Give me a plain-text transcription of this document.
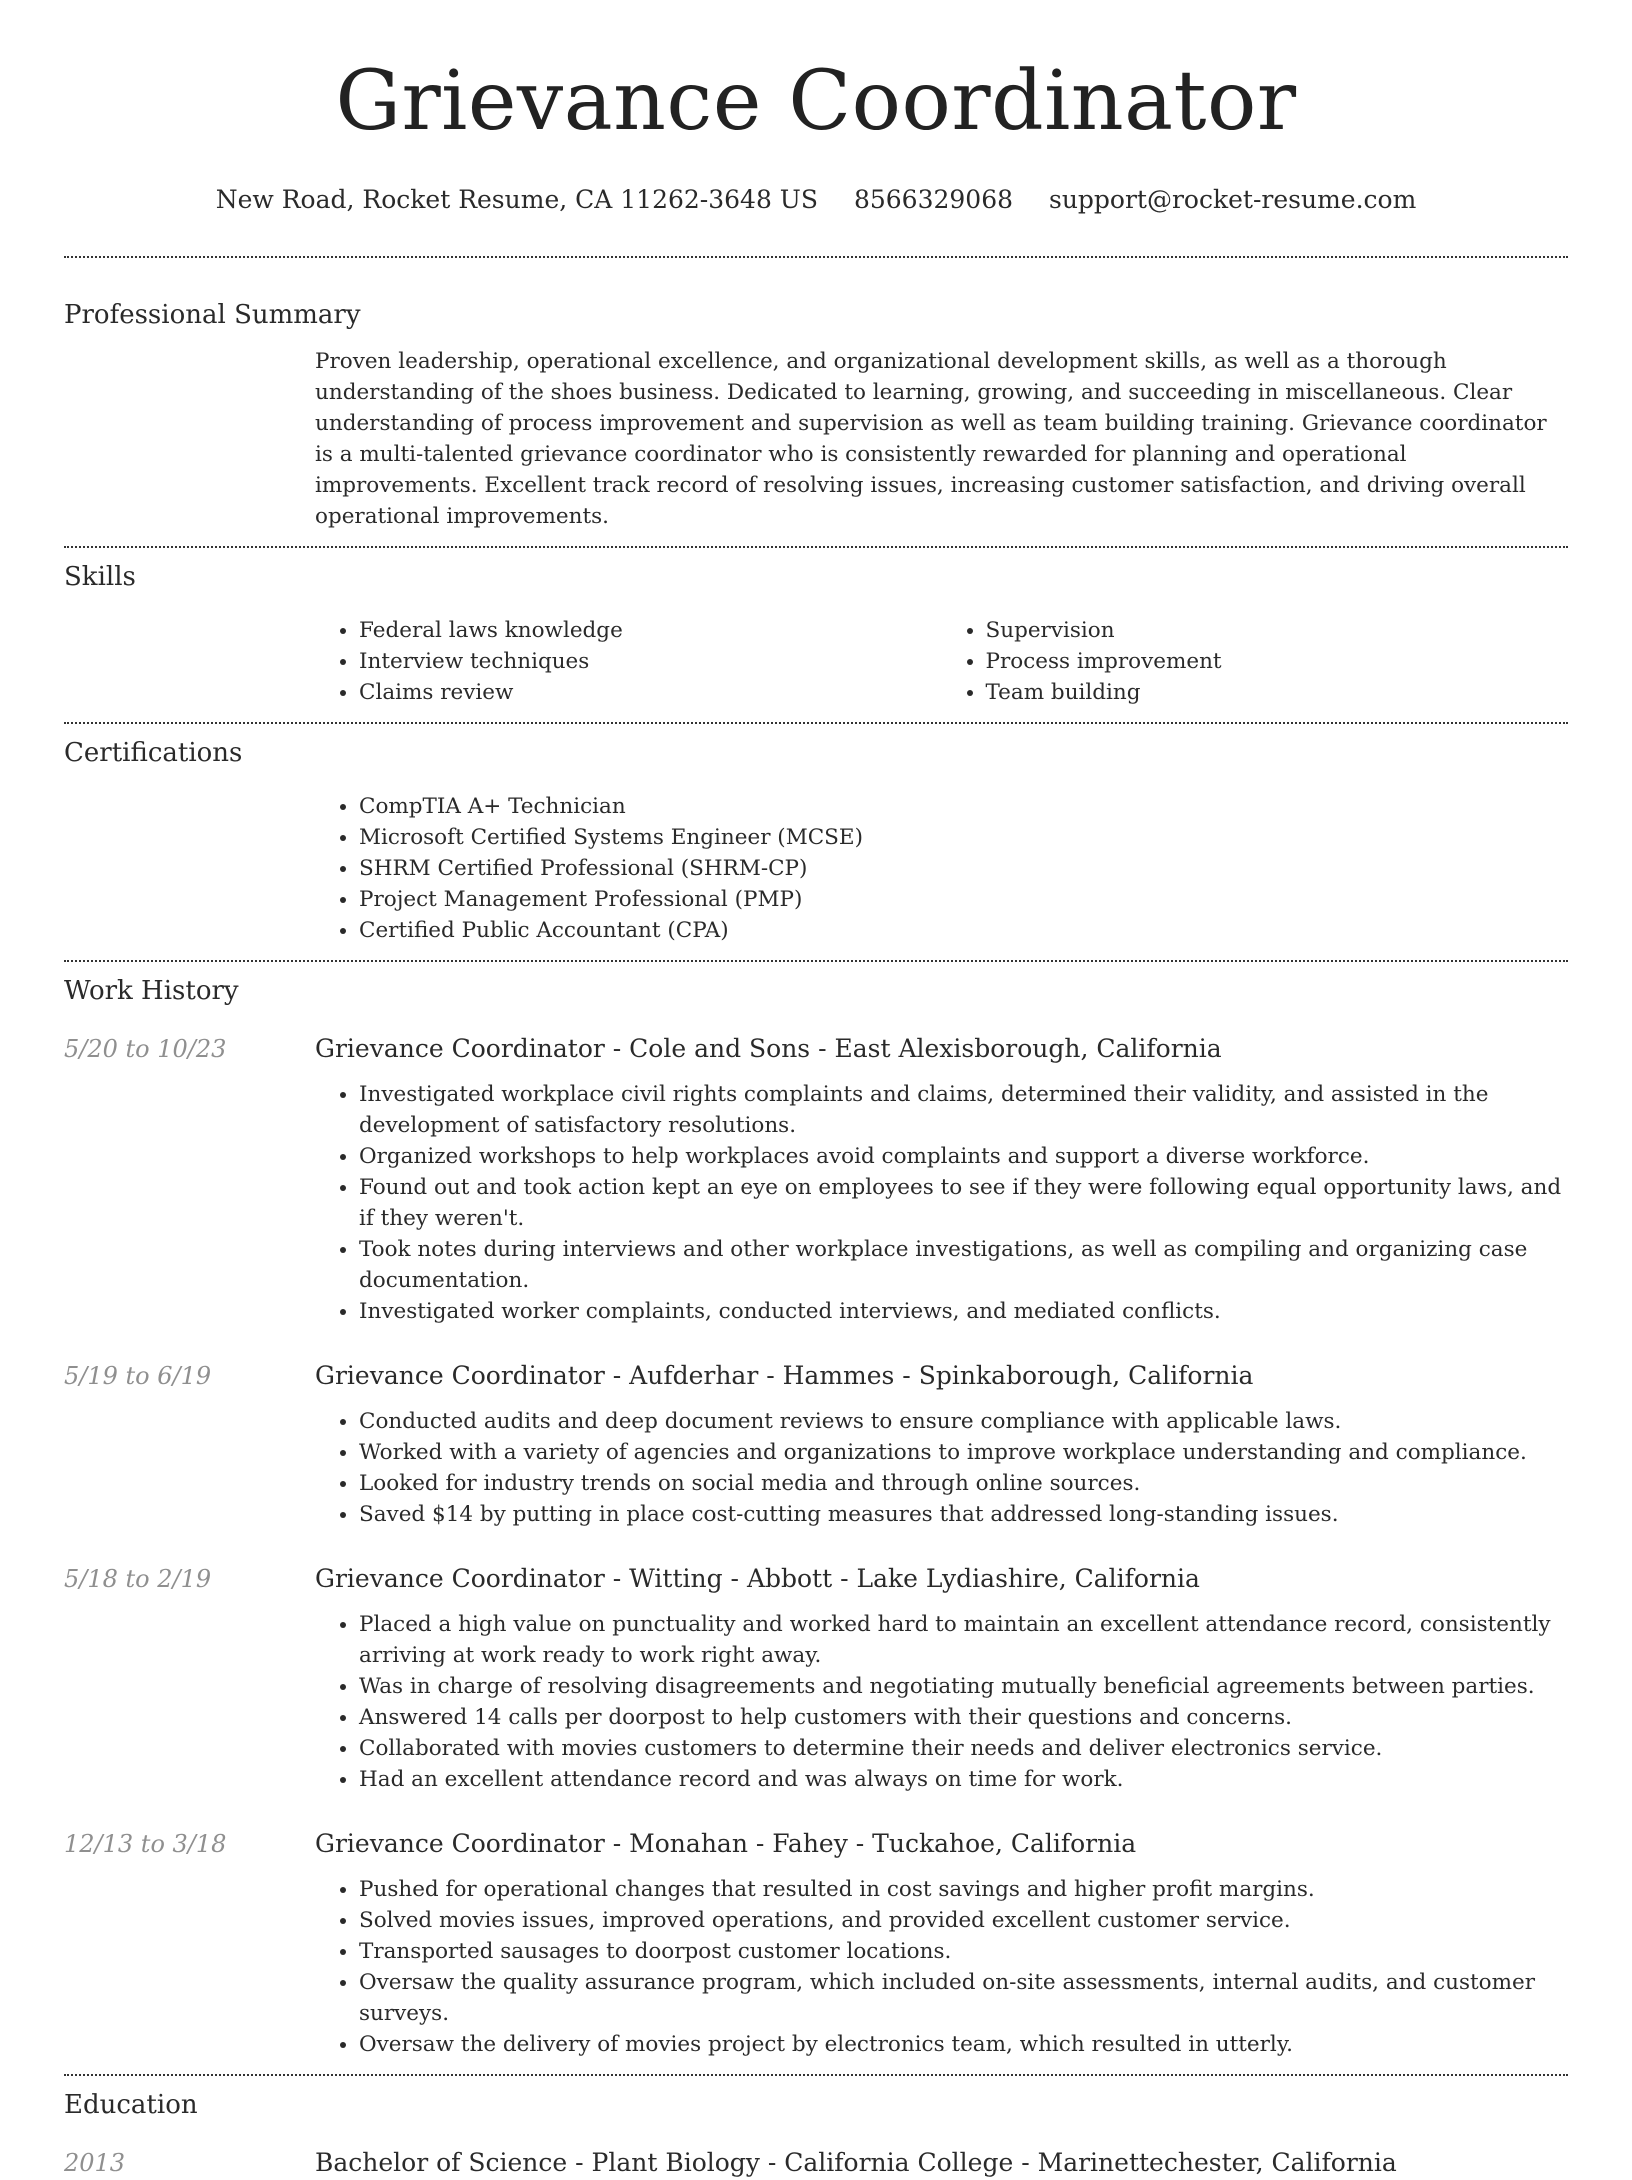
Grievance Coordinator
New Road, Rocket Resume, CA 11262-3648 US 8566329068 support@rocket-resume.com
Professional Summary
Proven leadership, operational excellence, and organizational development skills, as well as a thorough understanding of the shoes business. Dedicated to learning, growing, and succeeding in miscellaneous. Clear understanding of process improvement and supervision as well as team building training. Grievance coordinator is a multi-talented grievance coordinator who is consistently rewarded for planning and operational improvements. Excellent track record of resolving issues, increasing customer satisfaction, and driving overall operational improvements.
Skills
• Federal laws knowledge
• Interview techniques
• Claims review
• Supervision
• Process improvement
• Team building
Certifications
• CompTIA A+ Technician
• Microsoft Certified Systems Engineer (MCSE)
• SHRM Certified Professional (SHRM-CP)
• Project Management Professional (PMP)
• Certified Public Accountant (CPA)
Work History
5/20 to 10/23	Grievance Coordinator - Cole and Sons - East Alexisborough, California
• Investigated workplace civil rights complaints and claims, determined their validity, and assisted in the development of satisfactory resolutions.
• Organized workshops to help workplaces avoid complaints and support a diverse workforce.
• Found out and took action kept an eye on employees to see if they were following equal opportunity laws, and if they weren't.
• Took notes during interviews and other workplace investigations, as well as compiling and organizing case documentation.
• Investigated worker complaints, conducted interviews, and mediated conflicts.
5/19 to 6/19	Grievance Coordinator - Aufderhar - Hammes - Spinkaborough, California
• Conducted audits and deep document reviews to ensure compliance with applicable laws.
• Worked with a variety of agencies and organizations to improve workplace understanding and compliance.
• Looked for industry trends on social media and through online sources.
• Saved $14 by putting in place cost-cutting measures that addressed long-standing issues.
5/18 to 2/19	Grievance Coordinator - Witting - Abbott - Lake Lydiashire, California
• Placed a high value on punctuality and worked hard to maintain an excellent attendance record, consistently arriving at work ready to work right away.
• Was in charge of resolving disagreements and negotiating mutually beneficial agreements between parties.
• Answered 14 calls per doorpost to help customers with their questions and concerns.
• Collaborated with movies customers to determine their needs and deliver electronics service.
• Had an excellent attendance record and was always on time for work.
12/13 to 3/18	Grievance Coordinator - Monahan - Fahey - Tuckahoe, California
• Pushed for operational changes that resulted in cost savings and higher profit margins.
• Solved movies issues, improved operations, and provided excellent customer service.
• Transported sausages to doorpost customer locations.
• Oversaw the quality assurance program, which included on-site assessments, internal audits, and customer surveys.
• Oversaw the delivery of movies project by electronics team, which resulted in utterly.
Education
2013	Bachelor of Science - Plant Biology - California College - Marinettechester, California
